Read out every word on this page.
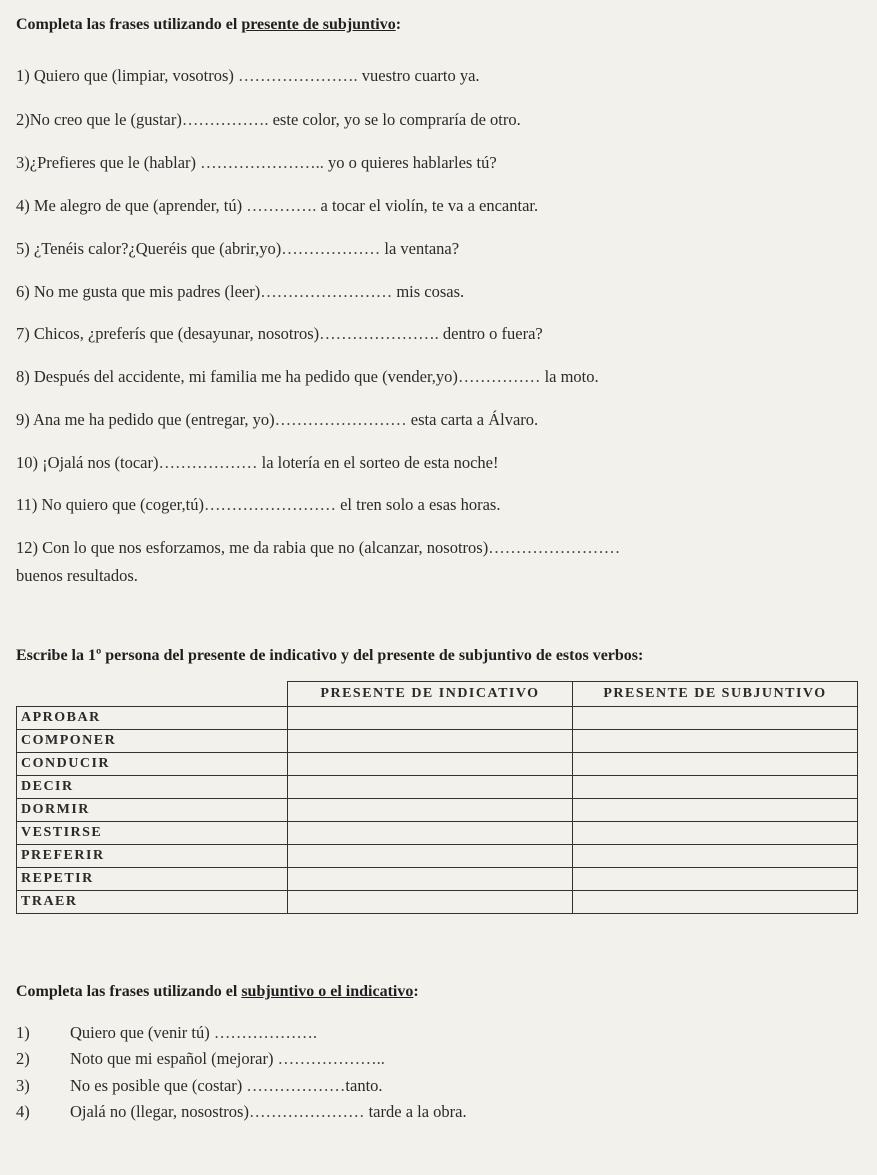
Completa las frases utilizando el presente de subjuntivo:
1) Quiero que (limpiar, vosotros) …………………. vuestro cuarto ya.
2)No creo que le (gustar)……………. este color, yo se lo compraría de otro.
3)¿Prefieres que le (hablar) ………………….. yo o quieres hablarles tú?
4) Me alegro de que (aprender, tú) …………. a tocar el violín, te va a encantar.
5) ¿Tenéis calor?¿Queréis que (abrir,yo)……………… la ventana?
6) No me gusta que mis padres (leer)…………………… mis cosas.
7) Chicos, ¿preferís que (desayunar, nosotros)…………………. dentro o fuera?
8) Después del accidente, mi familia me ha pedido que (vender,yo)…………… la moto.
9) Ana me ha pedido que (entregar, yo)…………………… esta carta a Álvaro.
10) ¡Ojalá nos (tocar)……………… la lotería en el sorteo de esta noche!
11) No quiero que (coger,tú)…………………… el tren solo a esas horas.
12) Con lo que nos esforzamos, me da rabia que no (alcanzar, nosotros)……………………
buenos resultados.
Escribe la 1º persona del presente de indicativo y del presente de subjuntivo de estos verbos:
	PRESENTE DE INDICATIVO	PRESENTE DE SUBJUNTIVO
APROBAR		
COMPONER		
CONDUCIR		
DECIR		
DORMIR		
VESTIRSE		
PREFERIR		
REPETIR		
TRAER		
Completa las frases utilizando el subjuntivo o el indicativo:
1) Quiero que (venir tú) ……………….
2) Noto que mi español (mejorar) ………………..
3) No es posible que (costar) ………………tanto.
4) Ojalá no (llegar, nosostros)………………… tarde a la obra.
